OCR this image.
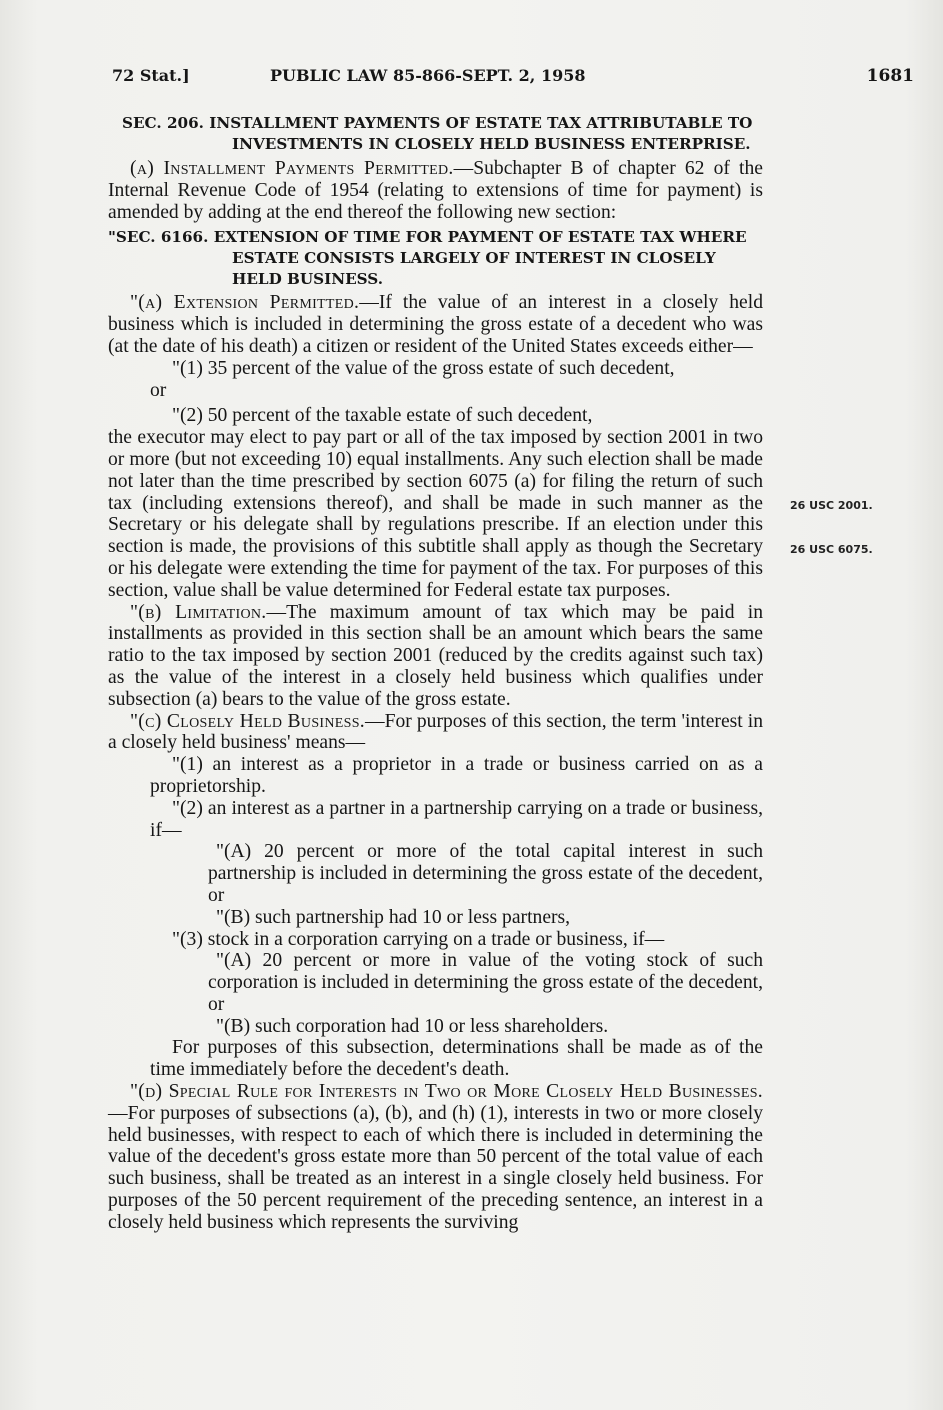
72 Stat.]	PUBLIC LAW 85-866-SEPT. 2, 1958	1681
26 USC 2001.
26 USC 6075.

SEC. 206. INSTALLMENT PAYMENTS OF ESTATE TAX ATTRIBUTABLE TO INVESTMENTS IN CLOSELY HELD BUSINESS ENTERPRISE.

(a) Installment Payments Permitted.—Subchapter B of chapter 62 of the Internal Revenue Code of 1954 (relating to extensions of time for payment) is amended by adding at the end thereof the following new section:

"SEC. 6166. EXTENSION OF TIME FOR PAYMENT OF ESTATE TAX WHERE ESTATE CONSISTS LARGELY OF INTEREST IN CLOSELY HELD BUSINESS.

"(a) Extension Permitted.—If the value of an interest in a closely held business which is included in determining the gross estate of a decedent who was (at the date of his death) a citizen or resident of the United States exceeds either—

"(1) 35 percent of the value of the gross estate of such decedent,

or

"(2) 50 percent of the taxable estate of such decedent,

the executor may elect to pay part or all of the tax imposed by section 2001 in two or more (but not exceeding 10) equal installments. Any such election shall be made not later than the time prescribed by section 6075 (a) for filing the return of such tax (including extensions thereof), and shall be made in such manner as the Secretary or his delegate shall by regulations prescribe. If an election under this section is made, the provisions of this subtitle shall apply as though the Secretary or his delegate were extending the time for payment of the tax. For purposes of this section, value shall be value determined for Federal estate tax purposes.

"(b) Limitation.—The maximum amount of tax which may be paid in installments as provided in this section shall be an amount which bears the same ratio to the tax imposed by section 2001 (reduced by the credits against such tax) as the value of the interest in a closely held business which qualifies under subsection (a) bears to the value of the gross estate.

"(c) Closely Held Business.—For purposes of this section, the term 'interest in a closely held business' means—

"(1) an interest as a proprietor in a trade or business carried on as a proprietorship.

"(2) an interest as a partner in a partnership carrying on a trade or business, if—

"(A) 20 percent or more of the total capital interest in such partnership is included in determining the gross estate of the decedent, or

"(B) such partnership had 10 or less partners,

"(3) stock in a corporation carrying on a trade or business, if—

"(A) 20 percent or more in value of the voting stock of such corporation is included in determining the gross estate of the decedent, or

"(B) such corporation had 10 or less shareholders.

For purposes of this subsection, determinations shall be made as of the time immediately before the decedent's death.

"(d) Special Rule for Interests in Two or More Closely Held Businesses.—For purposes of subsections (a), (b), and (h) (1), interests in two or more closely held businesses, with respect to each of which there is included in determining the value of the decedent's gross estate more than 50 percent of the total value of each such business, shall be treated as an interest in a single closely held business. For purposes of the 50 percent requirement of the preceding sentence, an interest in a closely held business which represents the surviving
